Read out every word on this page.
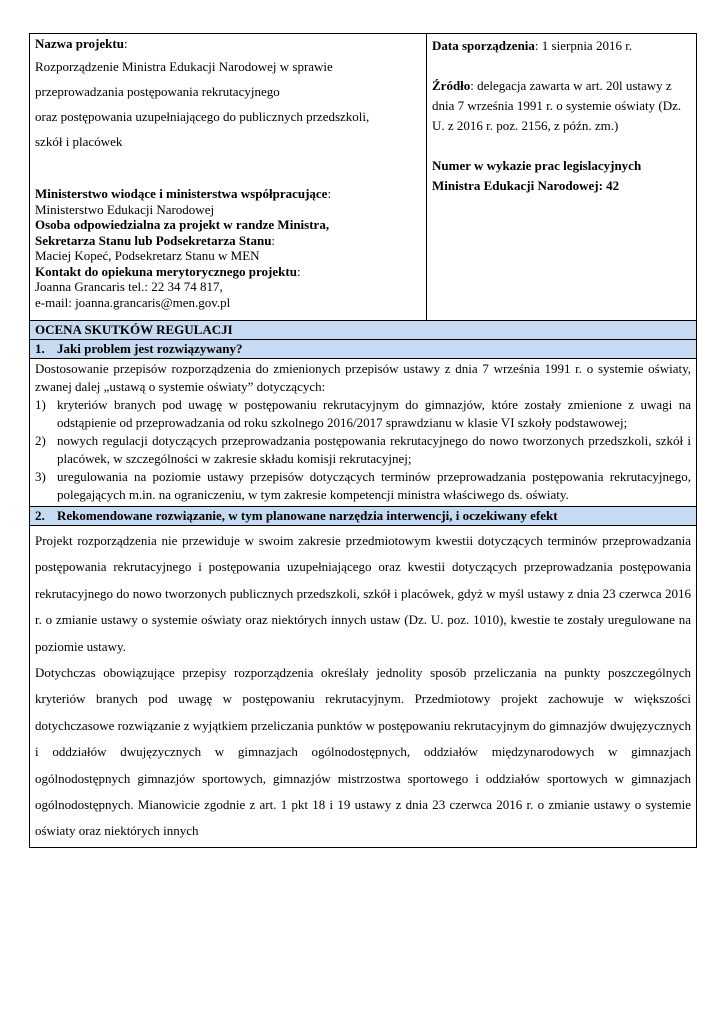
Nazwa projektu:
Rozporządzenie Ministra Edukacji Narodowej w sprawie
przeprowadzania postępowania rekrutacyjnego
oraz postępowania uzupełniającego do publicznych przedszkoli,
szkół i placówek
Ministerstwo wiodące i ministerstwa współpracujące:
Ministerstwo Edukacji Narodowej
Osoba odpowiedzialna za projekt w randze Ministra,
Sekretarza Stanu lub Podsekretarza Stanu:
Maciej Kopeć, Podsekretarz Stanu w MEN
Kontakt do opiekuna merytorycznego projektu:
Joanna Grancaris tel.: 22 34 74 817,
e-mail: joanna.grancaris@men.gov.pl
Data sporządzenia: 1 sierpnia 2016 r.
Źródło: delegacja zawarta w art. 20l ustawy z dnia 7 września 1991 r. o systemie oświaty (Dz. U. z 2016 r. poz. 2156, z późn. zm.)
Numer w wykazie prac legislacyjnych Ministra Edukacji Narodowej: 42
OCENA SKUTKÓW REGULACJI
1. Jaki problem jest rozwiązywany?
Dostosowanie przepisów rozporządzenia do zmienionych przepisów ustawy z dnia 7 września 1991 r. o systemie oświaty, zwanej dalej „ustawą o systemie oświaty” dotyczących:
1) kryteriów branych pod uwagę w postępowaniu rekrutacyjnym do gimnazjów, które zostały zmienione z uwagi na odstąpienie od przeprowadzania od roku szkolnego 2016/2017 sprawdzianu w klasie VI szkoły podstawowej;
2) nowych regulacji dotyczących przeprowadzania postępowania rekrutacyjnego do nowo tworzonych przedszkoli, szkół i placówek, w szczególności w zakresie składu komisji rekrutacyjnej;
3) uregulowania na poziomie ustawy przepisów dotyczących terminów przeprowadzania postępowania rekrutacyjnego, polegających m.in. na ograniczeniu, w tym zakresie kompetencji ministra właściwego ds. oświaty.
2. Rekomendowane rozwiązanie, w tym planowane narzędzia interwencji, i oczekiwany efekt

Projekt rozporządzenia nie przewiduje w swoim zakresie przedmiotowym kwestii dotyczących terminów przeprowadzania postępowania rekrutacyjnego i postępowania uzupełniającego oraz kwestii dotyczących przeprowadzania postępowania rekrutacyjnego do nowo tworzonych publicznych przedszkoli, szkół i placówek, gdyż w myśl ustawy z dnia 23 czerwca 2016 r. o zmianie ustawy o systemie oświaty oraz niektórych innych ustaw (Dz. U. poz. 1010), kwestie te zostały uregulowane na poziomie ustawy.

Dotychczas obowiązujące przepisy rozporządzenia określały jednolity sposób przeliczania na punkty poszczególnych kryteriów branych pod uwagę w postępowaniu rekrutacyjnym. Przedmiotowy projekt zachowuje w większości dotychczasowe rozwiązanie z wyjątkiem przeliczania punktów w postępowaniu rekrutacyjnym do gimnazjów dwujęzycznych i oddziałów dwujęzycznych w gimnazjach ogólnodostępnych, oddziałów międzynarodowych w gimnazjach ogólnodostępnych gimnazjów sportowych, gimnazjów mistrzostwa sportowego i oddziałów sportowych w gimnazjach ogólnodostępnych. Mianowicie zgodnie z art. 1 pkt 18 i 19 ustawy z dnia 23 czerwca 2016 r. o zmianie ustawy o systemie oświaty oraz niektórych innych
